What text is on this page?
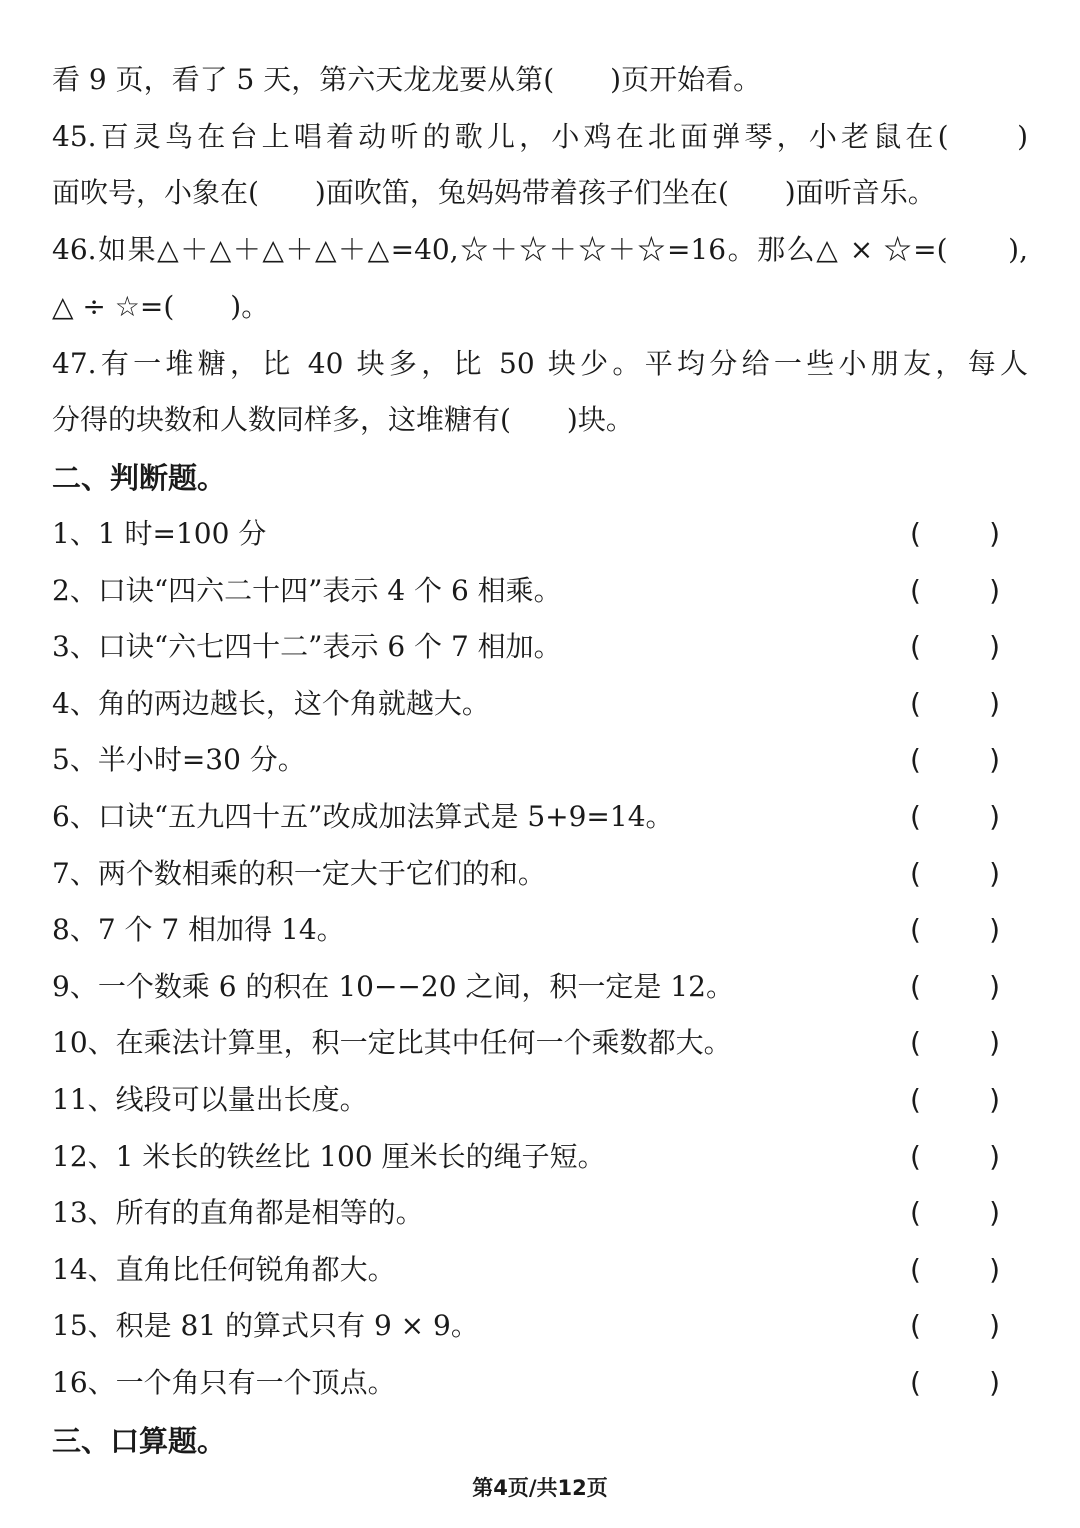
看 9 页，看了 5 天，第六天龙龙要从第(　　)页开始看。
45.百灵鸟在台上唱着动听的歌儿，小鸡在北面弹琴，小老鼠在(　　)
面吹号，小象在(　　)面吹笛，兔妈妈带着孩子们坐在(　　)面听音乐。
46.如果△＋△＋△＋△＋△=40,☆＋☆＋☆＋☆=16。那么△ × ☆=(　　),
△ ÷ ☆=(　　)。
47.有一堆糖，比 40 块多，比 50 块少。平均分给一些小朋友，每人
分得的块数和人数同样多，这堆糖有(　　)块。
二、判断题。
1、1 时=100 分	( )
2、口诀“四六二十四”表示 4 个 6 相乘。	( )
3、口诀“六七四十二”表示 6 个 7 相加。	( )
4、角的两边越长，这个角就越大。	( )
5、半小时=30 分。	( )
6、口诀“五九四十五”改成加法算式是 5+9=14。	( )
7、两个数相乘的积一定大于它们的和。	( )
8、7 个 7 相加得 14。	( )
9、一个数乘 6 的积在 10−−20 之间，积一定是 12。	( )
10、在乘法计算里，积一定比其中任何一个乘数都大。	( )
11、线段可以量出长度。	( )
12、1 米长的铁丝比 100 厘米长的绳子短。	( )
13、所有的直角都是相等的。	( )
14、直角比任何锐角都大。	( )
15、积是 81 的算式只有 9 × 9。	( )
16、一个角只有一个顶点。	( )
三、口算题。
第4页/共12页
